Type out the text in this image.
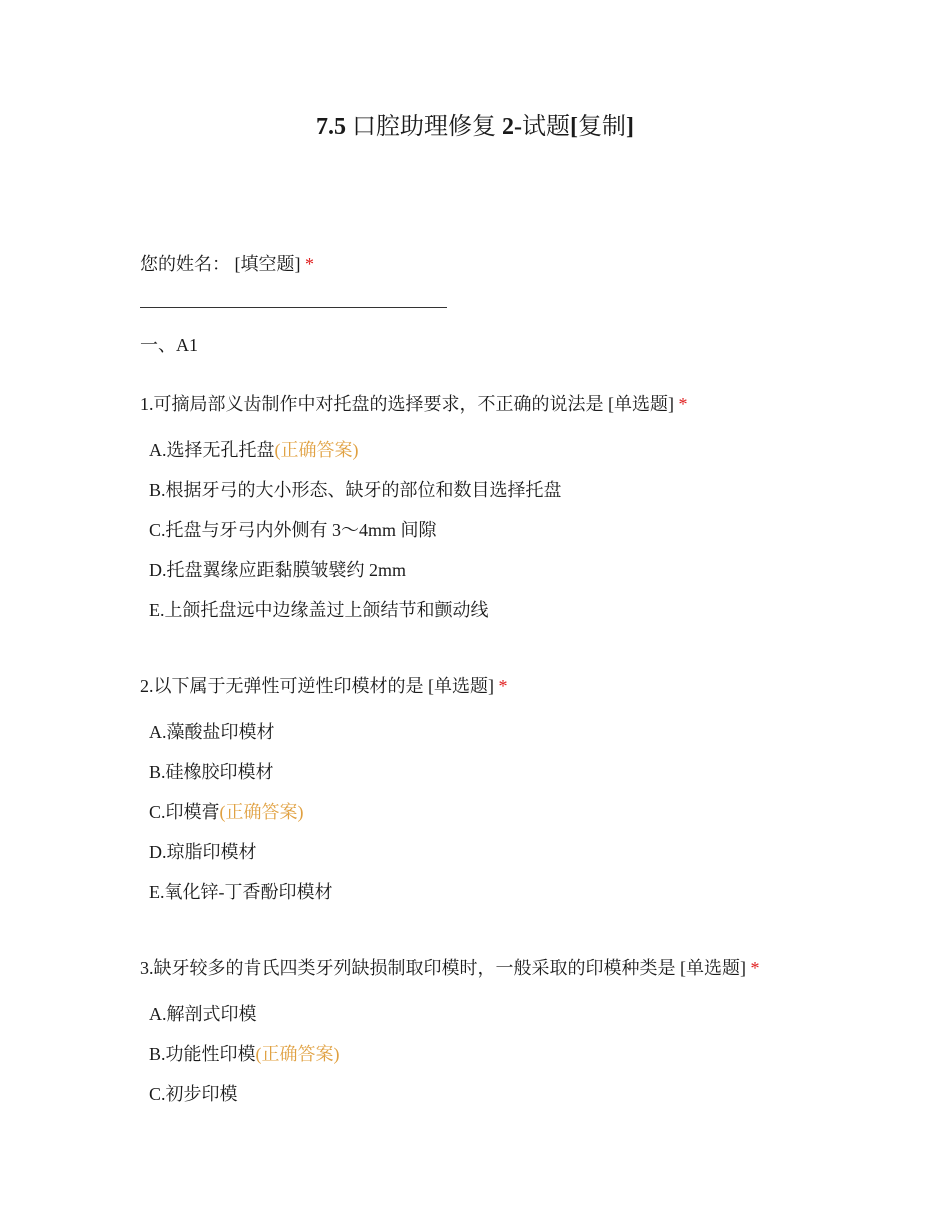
7.5 口腔助理修复 2-试题[复制]
您的姓名： [填空题] *
一、A1
1.可摘局部义齿制作中对托盘的选择要求，不正确的说法是 [单选题] *
A.选择无孔托盘(正确答案)
B.根据牙弓的大小形态、缺牙的部位和数目选择托盘
C.托盘与牙弓内外侧有 3～4mm 间隙
D.托盘翼缘应距黏膜皱襞约 2mm
E.上颌托盘远中边缘盖过上颌结节和颤动线
2.以下属于无弹性可逆性印模材的是 [单选题] *
A.藻酸盐印模材
B.硅橡胶印模材
C.印模膏(正确答案)
D.琼脂印模材
E.氧化锌-丁香酚印模材
3.缺牙较多的肯氏四类牙列缺损制取印模时，一般采取的印模种类是 [单选题] *
A.解剖式印模
B.功能性印模(正确答案)
C.初步印模
